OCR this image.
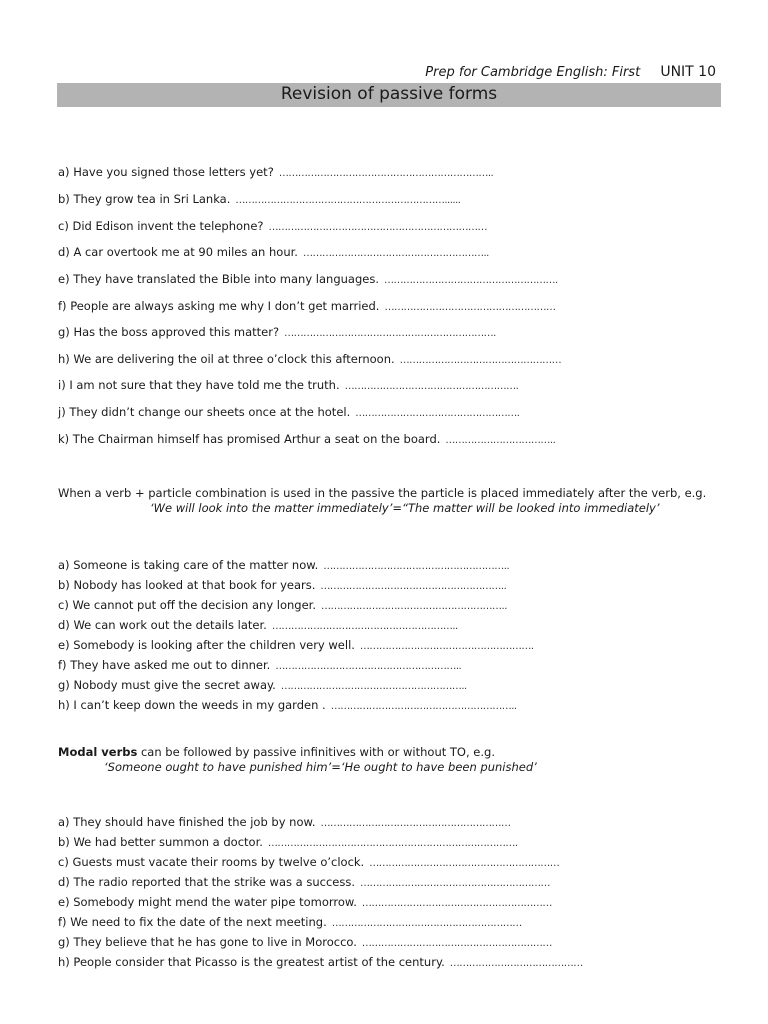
Prep for Cambridge English: First UNIT 10
Revision of passive forms
a) Have you signed those letters yet? …………………………………………………………..
b) They grow tea in Sri Lanka. …………………………………………………………......
c) Did Edison invent the telephone? ……………………………………………………………
d) A car overtook me at 90 miles an hour. …………………………………………………..
e) They have translated the Bible into many languages. ……………………………………………….
f) People are always asking me why I don’t get married. ………………………………………………
g) Has the boss approved this matter? ………………………………………………………….
h) We are delivering the oil at three o’clock this afternoon. ……………………………………………
i) I am not sure that they have told me the truth. ……………………………………………….
j) They didn’t change our sheets once at the hotel. …………………………………………….
k) The Chairman himself has promised Arthur a seat on the board. ……………………………..
When a verb + particle combination is used in the passive the particle is placed immediately after the verb, e.g.
‘We will look into the matter immediately’=“The matter will be looked into immediately’
a) Someone is taking care of the matter now. …………………………………………………..
b) Nobody has looked at that book for years. …………………………………………………..
c) We cannot put off the decision any longer. …………………………………………………..
d) We can work out the details later. …………………………………………………..
e) Somebody is looking after the children very well. ……………………………………………….
f) They have asked me out to dinner. …………………………………………………..
g) Nobody must give the secret away. …………………………………………………..
h) I can’t keep down the weeds in my garden . …………………………………………………..
Modal verbs can be followed by passive infinitives with or without TO, e.g.
‘Someone ought to have punished him’=‘He ought to have been punished’
a) They should have finished the job by now. ……………………………………………………
b) We had better summon a doctor. …………………………………………………………………….
c) Guests must vacate their rooms by twelve o’clock. ……………………………………………………
d) The radio reported that the strike was a success. ……………………………………………………
e) Somebody might mend the water pipe tomorrow. ……………………………………………………
f) We need to fix the date of the next meeting. ……………………………………………………
g) They believe that he has gone to live in Morocco. ……………………………………………………
h) People consider that Picasso is the greatest artist of the century. ……………………………………
